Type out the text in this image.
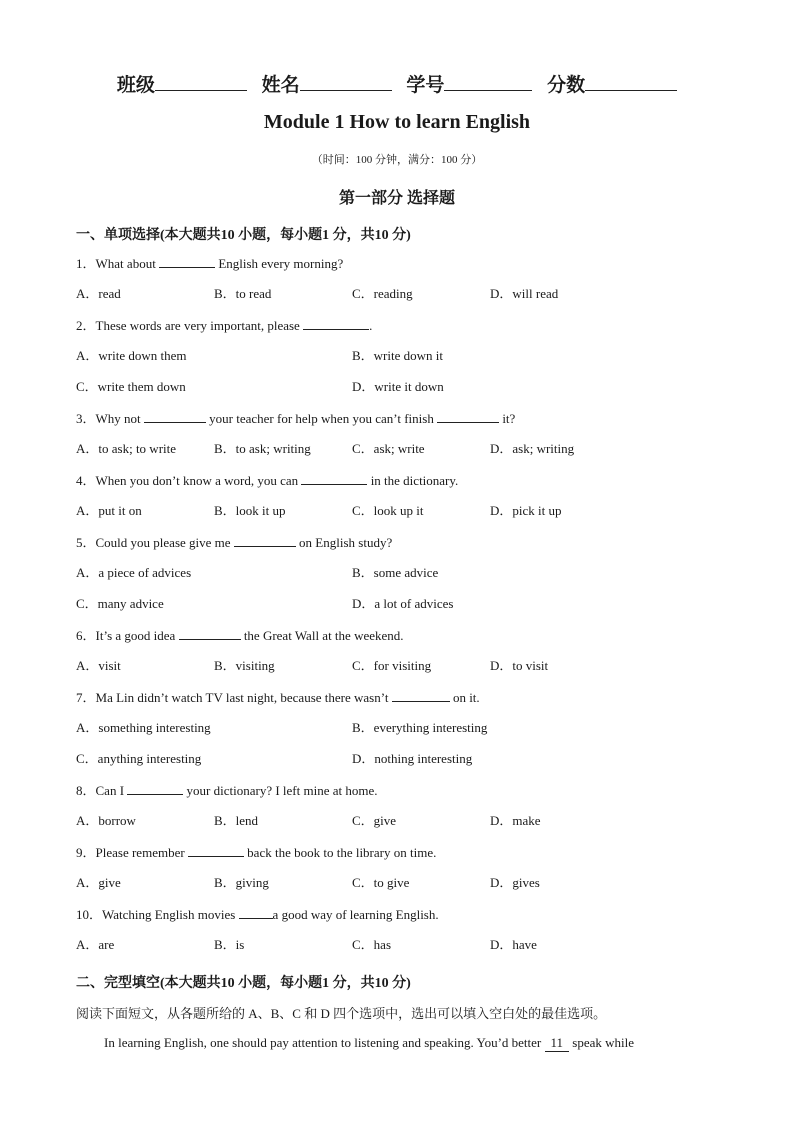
班级	姓名	学号	分数
Module 1 How to learn English
（时间：100 分钟，满分：100 分）
第一部分 选择题
一、单项选择(本大题共10 小题，每小题1 分，共10 分)
1．What about	English every morning?
A．read	B．to read	C．reading	D．will read
2．These words are very important, please	.
A．write down them	B．write down it
C．write them down	D．write it down
3．Why not	your teacher for help when you can’t finish	it?
A．to ask; to write	B．to ask; writing	C．ask; write	D．ask; writing
4．When you don’t know a word, you can	in the dictionary.
A．put it on	B．look it up	C．look up it	D．pick it up
5．Could you please give me	on English study?
A．a piece of advices	B．some advice
C．many advice	D．a lot of advices
6．It’s a good idea	the Great Wall at the weekend.
A．visit	B．visiting	C．for visiting	D．to visit
7．Ma Lin didn’t watch TV last night, because there wasn’t	on it.
A．something interesting	B．everything interesting
C．anything interesting	D．nothing interesting
8．Can I	your dictionary? I left mine at home.
A．borrow	B．lend	C．give	D．make
9．Please remember	back the book to the library on time.
A．give	B．giving	C．to give	D．gives
10．Watching English movies	a good way of learning English.
A．are	B．is	C．has	D．have
二、完型填空(本大题共10 小题，每小题1 分，共10 分)
阅读下面短文，从各题所给的 A、B、C 和 D 四个选项中，选出可以填入空白处的最佳选项。
In learning English, one should pay attention to listening and speaking. You’d better 11 speak while
